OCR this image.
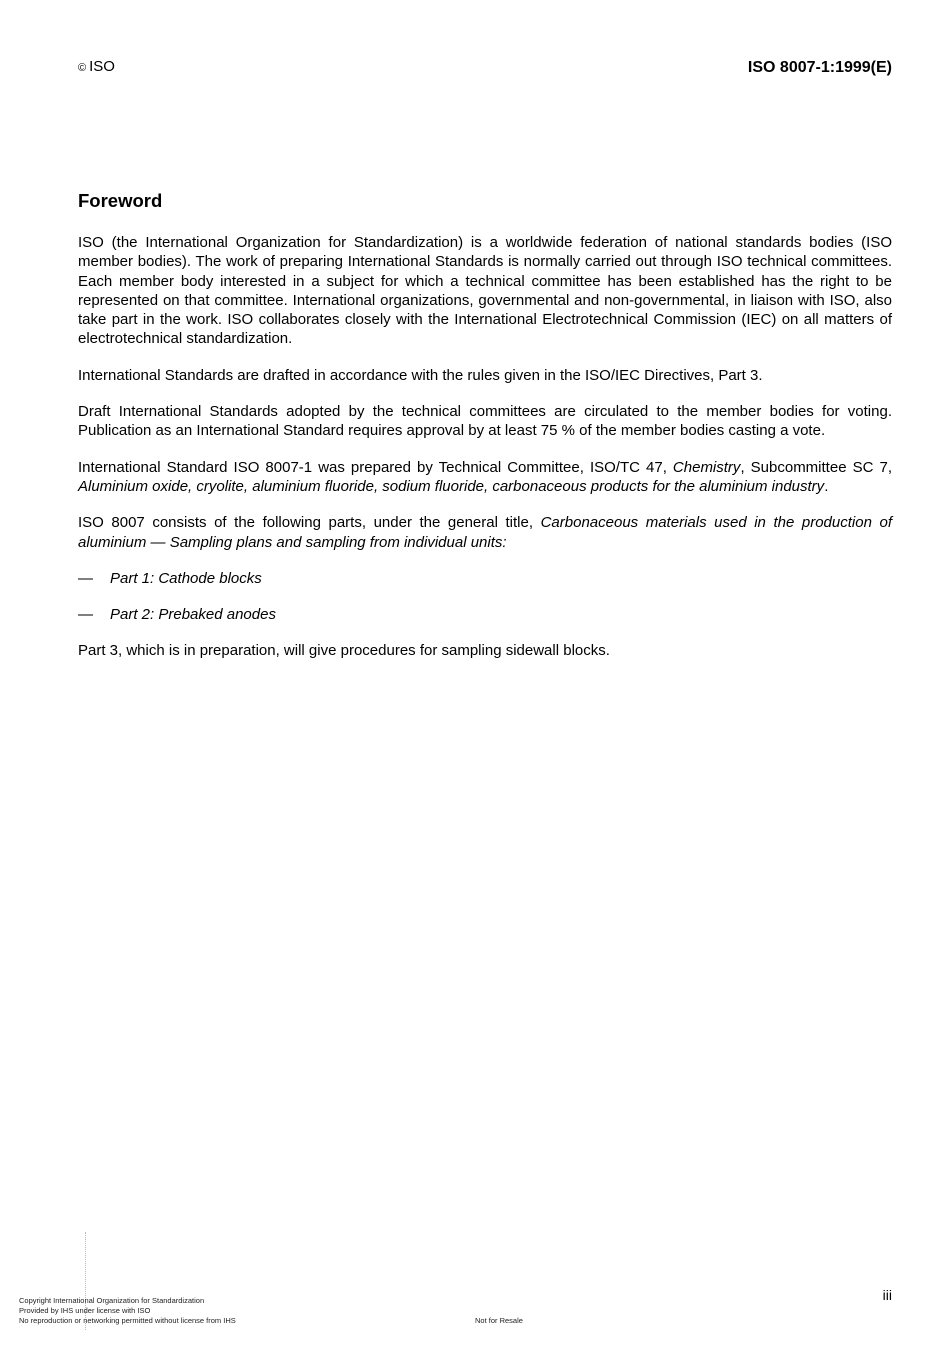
© ISO	ISO 8007-1:1999(E)
Foreword

ISO (the International Organization for Standardization) is a worldwide federation of national standards bodies (ISO member bodies). The work of preparing International Standards is normally carried out through ISO technical committees. Each member body interested in a subject for which a technical committee has been established has the right to be represented on that committee. International organizations, governmental and non-governmental, in liaison with ISO, also take part in the work. ISO collaborates closely with the International Electrotechnical Commission (IEC) on all matters of electrotechnical standardization.

International Standards are drafted in accordance with the rules given in the ISO/IEC Directives, Part 3.

Draft International Standards adopted by the technical committees are circulated to the member bodies for voting. Publication as an International Standard requires approval by at least 75 % of the member bodies casting a vote.

International Standard ISO 8007-1 was prepared by Technical Committee, ISO/TC 47, Chemistry, Subcommittee SC 7, Aluminium oxide, cryolite, aluminium fluoride, sodium fluoride, carbonaceous products for the aluminium industry.

ISO 8007 consists of the following parts, under the general title, Carbonaceous materials used in the production of aluminium — Sampling plans and sampling from individual units:

— Part 1: Cathode blocks

— Part 2: Prebaked anodes

Part 3, which is in preparation, will give procedures for sampling sidewall blocks.

iii
Copyright International Organization for Standardization
Provided by IHS under license with ISO
No reproduction or networking permitted without license from IHS	Not for Resale
